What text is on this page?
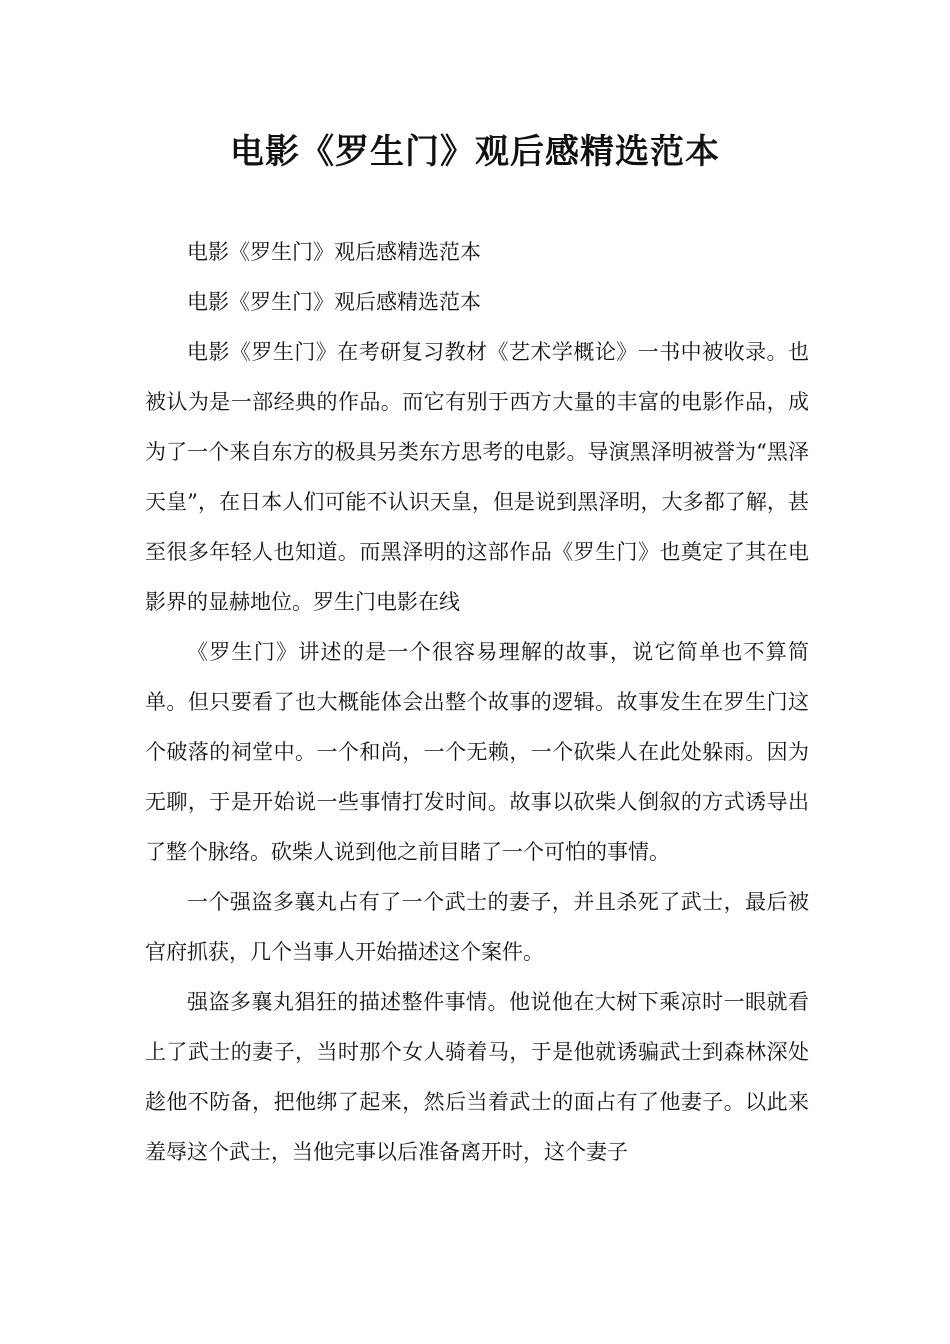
电影《罗生门》观后感精选范本

电影《罗生门》观后感精选范本

电影《罗生门》观后感精选范本

电影《罗生门》在考研复习教材《艺术学概论》一书中被收录。也被认为是一部经典的作品。而它有别于西方大量的丰富的电影作品，成为了一个来自东方的极具另类东方思考的电影。导演黑泽明被誉为“黑泽天皇”，在日本人们可能不认识天皇，但是说到黑泽明，大多都了解，甚至很多年轻人也知道。而黑泽明的这部作品《罗生门》也奠定了其在电影界的显赫地位。罗生门电影在线

《罗生门》讲述的是一个很容易理解的故事，说它简单也不算简单。但只要看了也大概能体会出整个故事的逻辑。故事发生在罗生门这个破落的祠堂中。一个和尚，一个无赖，一个砍柴人在此处躲雨。因为无聊，于是开始说一些事情打发时间。故事以砍柴人倒叙的方式诱导出了整个脉络。砍柴人说到他之前目睹了一个可怕的事情。

一个强盗多襄丸占有了一个武士的妻子，并且杀死了武士，最后被官府抓获，几个当事人开始描述这个案件。

强盗多襄丸猖狂的描述整件事情。他说他在大树下乘凉时一眼就看上了武士的妻子，当时那个女人骑着马，于是他就诱骗武士到森林深处趁他不防备，把他绑了起来，然后当着武士的面占有了他妻子。以此来羞辱这个武士，当他完事以后准备离开时，这个妻子
